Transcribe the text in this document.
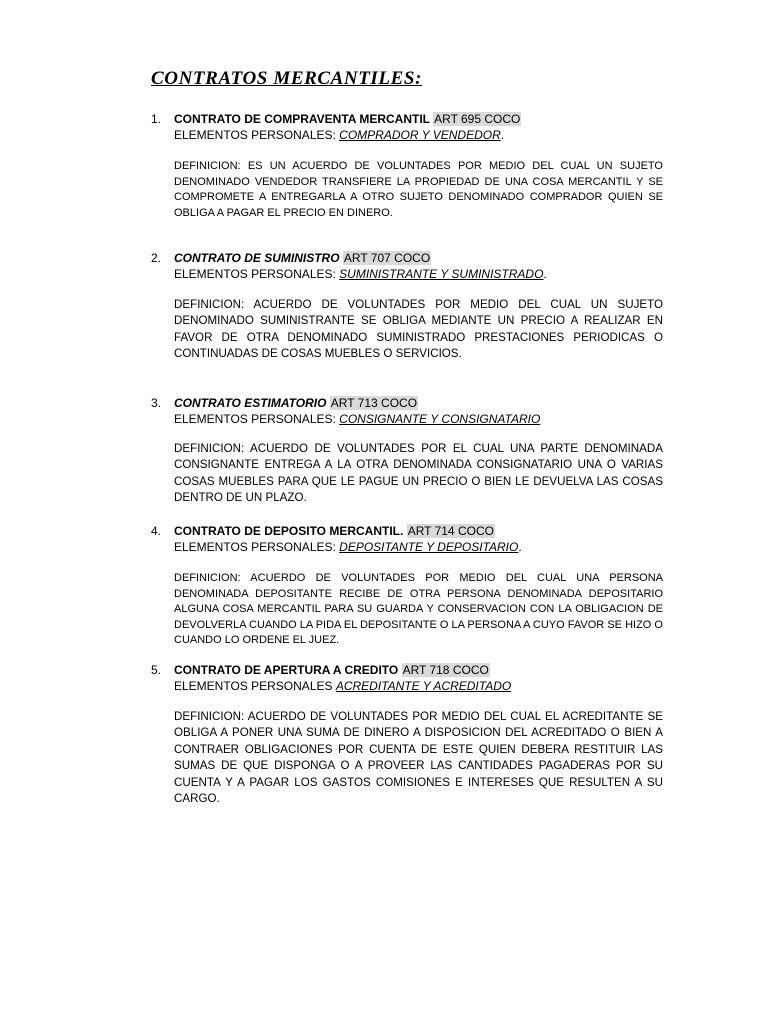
CONTRATOS MERCANTILES:
1. CONTRATO DE COMPRAVENTA MERCANTIL ART 695 COCO
ELEMENTOS PERSONALES: COMPRADOR Y VENDEDOR.

DEFINICION: ES UN ACUERDO DE VOLUNTADES POR MEDIO DEL CUAL UN SUJETO DENOMINADO VENDEDOR TRANSFIERE LA PROPIEDAD DE UNA COSA MERCANTIL Y SE COMPROMETE A ENTREGARLA A OTRO SUJETO DENOMINADO COMPRADOR QUIEN SE OBLIGA A PAGAR EL PRECIO EN DINERO.

2. CONTRATO DE SUMINISTRO ART 707 COCO
ELEMENTOS PERSONALES: SUMINISTRANTE Y SUMINISTRADO.

DEFINICION: ACUERDO DE VOLUNTADES POR MEDIO DEL CUAL UN SUJETO DENOMINADO SUMINISTRANTE SE OBLIGA MEDIANTE UN PRECIO A REALIZAR EN FAVOR DE OTRA DENOMINADO SUMINISTRADO PRESTACIONES PERIODICAS O CONTINUADAS DE COSAS MUEBLES O SERVICIOS.

3. CONTRATO ESTIMATORIO ART 713 COCO
ELEMENTOS PERSONALES: CONSIGNANTE Y CONSIGNATARIO

DEFINICION: ACUERDO DE VOLUNTADES POR EL CUAL UNA PARTE DENOMINADA CONSIGNANTE ENTREGA A LA OTRA DENOMINADA CONSIGNATARIO UNA O VARIAS COSAS MUEBLES PARA QUE LE PAGUE UN PRECIO O BIEN LE DEVUELVA LAS COSAS DENTRO DE UN PLAZO.

4. CONTRATO DE DEPOSITO MERCANTIL. ART 714 COCO
ELEMENTOS PERSONALES: DEPOSITANTE Y DEPOSITARIO.

DEFINICION: ACUERDO DE VOLUNTADES POR MEDIO DEL CUAL UNA PERSONA DENOMINADA DEPOSITANTE RECIBE DE OTRA PERSONA DENOMINADA DEPOSITARIO ALGUNA COSA MERCANTIL PARA SU GUARDA Y CONSERVACION CON LA OBLIGACION DE DEVOLVERLA CUANDO LA PIDA EL DEPOSITANTE O LA PERSONA A CUYO FAVOR SE HIZO O CUANDO LO ORDENE EL JUEZ.

5. CONTRATO DE APERTURA A CREDITO ART 718 COCO
ELEMENTOS PERSONALES ACREDITANTE Y ACREDITADO

DEFINICION: ACUERDO DE VOLUNTADES POR MEDIO DEL CUAL EL ACREDITANTE SE OBLIGA A PONER UNA SUMA DE DINERO A DISPOSICION DEL ACREDITADO O BIEN A CONTRAER OBLIGACIONES POR CUENTA DE ESTE QUIEN DEBERA RESTITUIR LAS SUMAS DE QUE DISPONGA O A PROVEER LAS CANTIDADES PAGADERAS POR SU CUENTA Y A PAGAR LOS GASTOS COMISIONES E INTERESES QUE RESULTEN A SU CARGO.
